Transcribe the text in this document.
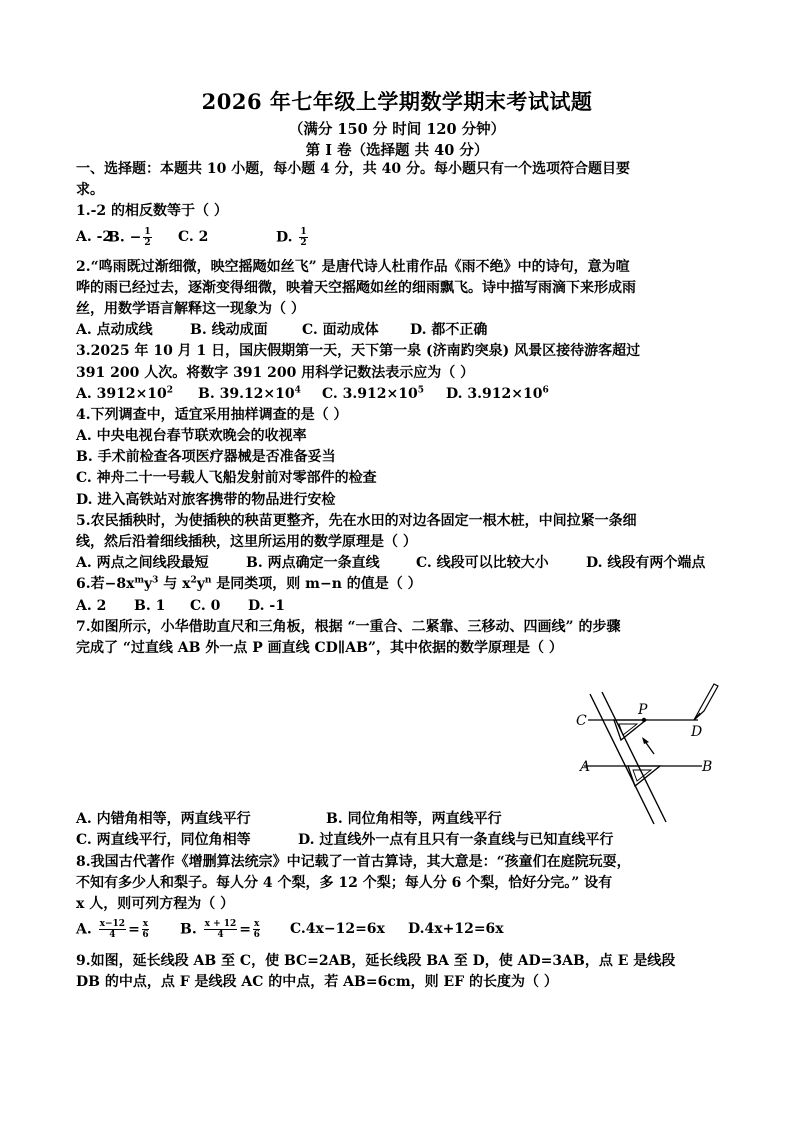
2026 年七年级上学期数学期末考试试题
（满分 150 分 时间 120 分钟）
第 Ⅰ 卷（选择题 共 40 分）
一、选择题：本题共 10 小题，每小题 4 分，共 40 分。每小题只有一个选项符合题目要
求。
1.-2 的相反数等于（ ）
A. -2
B. − $\frac{1}{2} C$. 2	D. $\frac{1}{2}$
2.“鸣雨既过渐细微，映空摇飏如丝飞” 是唐代诗人杜甫作品《雨不绝》中的诗句，意为喧
哗的雨已经过去，逐渐变得细微，映着天空摇飏如丝的细雨飘飞。诗中描写雨滴下来形成雨
丝，用数学语言解释这一现象为（ ）
A. 点动成线	B. 线动成面	C. 面动成体	D. 都不正确
3.2025 年 10 月 1 日，国庆假期第一天，天下第一泉 (济南趵突泉) 风景区接待游客超过
391 200 人次。将数字 391 200 用科学记数法表示应为（ ）
A. $3912\times 10^2$	B. $39.12\times 10^4$	C. $3.912\times 10^5$	D. $3.912\times 10^6$
4.下列调查中，适宜采用抽样调查的是（ ）
A. 中央电视台春节联欢晚会的收视率
B. 手术前检查各项医疗器械是否准备妥当
C. 神舟二十一号载人飞船发射前对零部件的检查
D. 进入高铁站对旅客携带的物品进行安检
5.农民插秧时，为使插秧的秧苗更整齐，先在水田的对边各固定一根木桩，中间拉紧一条细
线，然后沿着细线插秧，这里所运用的数学原理是（ ）
A. 两点之间线段最短	B. 两点确定一条直线	C. 线段可以比较大小	D. 线段有两个端点
6.若$-8x^my^3$ 与 $x^2y^n$ 是同类项，则 m−n 的值是（ ）
A. 2	B. 1	C. 0	D. -1
7.如图所示，小华借助直尺和三角板，根据 “一重合、二紧靠、三移动、四画线” 的步骤
完成了 “过直线 AB 外一点 P 画直线 CD∥AB”，其中依据的数学原理是（ ）
A. 内错角相等，两直线平行	B. 同位角相等，两直线平行
C. 两直线平行，同位角相等	D. 过直线外一点有且只有一条直线与已知直线平行
8.我国古代著作《增删算法统宗》中记载了一首古算诗，其大意是：“孩童们在庭院玩耍，
不知有多少人和梨子。每人分 4 个梨，多 12 个梨；每人分 6 个梨，恰好分完。” 设有
x 人，则可列方程为（ ）
A. $\frac{x-12}{4} = \frac{x}{6} B$. $\frac{x + 12}{4} = \frac{x}{6} C.4x-12=6x$	D.4x+12=6x
9.如图，延长线段 AB 至 C，使 BC=2AB，延长线段 BA 至 D，使 AD=3AB，点 E 是线段
DB 的中点，点 F 是线段 AC 的中点，若 AB=6cm，则 EF 的长度为（ ）
C
P
D
A	B
